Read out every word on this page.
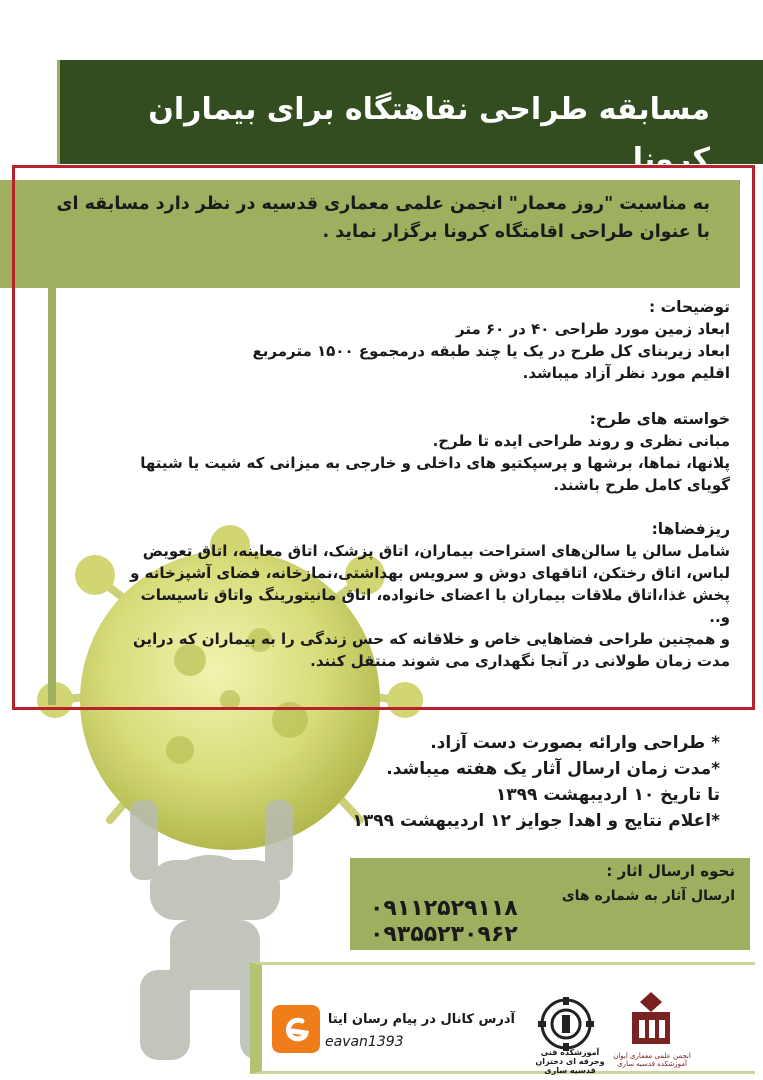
مسابقه طراحی نقاهتگاه برای بیماران کرونا
به مناسبت "روز معمار" انجمن علمی معماری قدسیه در نظر دارد مسابقه ای
با عنوان طراحی اقامتگاه کرونا برگزار نماید .

توضیحات :

ابعاد زمین مورد طراحی ۴۰ در ۶۰ متر

ابعاد زیربنای کل طرح در یک یا چند طبقه درمجموع ۱۵۰۰ مترمربع

اقلیم مورد نظر آزاد میباشد.

خواسته های طرح:

مبانی نظری و روند طراحی ایده تا طرح.

پلانها، نماها، برشها و پرسپکتیو های داخلی و خارجی به میزانی که شیت یا شیتها

گویای کامل طرح باشند.

ریزفضاها:

شامل سالن یا سالن‌های استراحت بیماران، اتاق پزشک، اتاق معاینه، اتاق تعویض

لباس، اتاق رختکن، اتاقهای دوش و سرویس بهداشتی،نمازخانه، فضای آشپزخانه و

پخش غذا،اتاق ملاقات بیماران با اعضای خانواده، اتاق مانیتورینگ واتاق تاسیسات

و..

و همچنین طراحی فضاهایی خاص و خلاقانه که حس زندگی را به بیماران که دراین

مدت زمان طولانی در آنجا نگهداری می شوند منتقل کنند.

* طراحی وارائه بصورت دست آزاد.

*مدت زمان ارسال آثار یک هفته میباشد.

تا تاریخ ۱۰ اردیبهشت ۱۳۹۹

*اعلام نتایج و اهدا جوایز ۱۲ اردیبهشت ۱۳۹۹

نحوه ارسال اثار :
ارسال آثار به شماره های
۰۹۱۱۲۵۲۹۱۱۸
۰۹۳۵۵۲۳۰۹۶۲
آدرس کانال در پیام رسان ایتا
eavan1393
آموزشکده فنی وحرفه ای دختران قدسیه ساری
انجمن علمی معماری ایوان آموزشکده قدسیه ساری
